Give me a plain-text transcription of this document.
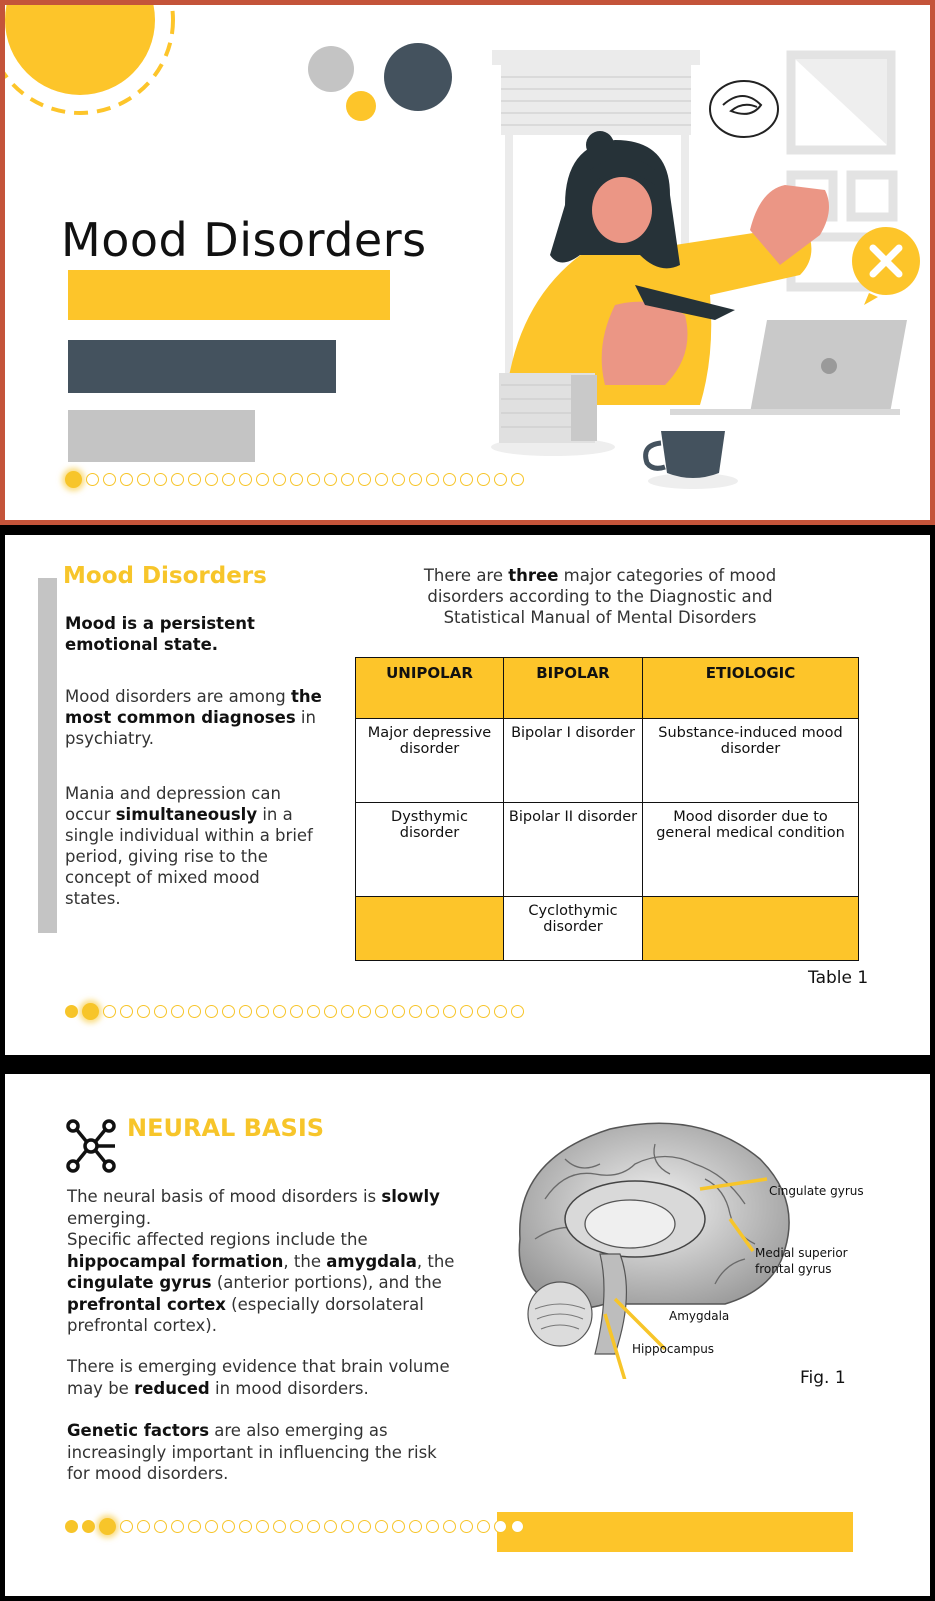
Mood Disorders
Mood Disorders
Mood is a persistent emotional state.
Mood disorders are among the most common diagnoses in psychiatry.
Mania and depression can occur simultaneously in a single individual within a brief period, giving rise to the concept of mixed mood states.
There are three major categories of mood disorders according to the Diagnostic and Statistical Manual of Mental Disorders
UNIPOLAR	BIPOLAR	ETIOLOGIC
Major depressive disorder	Bipolar I disorder	Substance-induced mood disorder
Dysthymic disorder	Bipolar II disorder	Mood disorder due to general medical condition
	Cyclothymic disorder	
Table 1
NEURAL BASIS
The neural basis of mood disorders is slowly emerging.
Specific affected regions include the hippocampal formation, the amygdala, the cingulate gyrus (anterior portions), and the prefrontal cortex (especially dorsolateral prefrontal cortex).
There is emerging evidence that brain volume may be reduced in mood disorders.
Genetic factors are also emerging as increasingly important in influencing the risk for mood disorders.
Cingulate gyrus
Medial superior
frontal gyrus
Amygdala
Hippocampus
Fig. 1
